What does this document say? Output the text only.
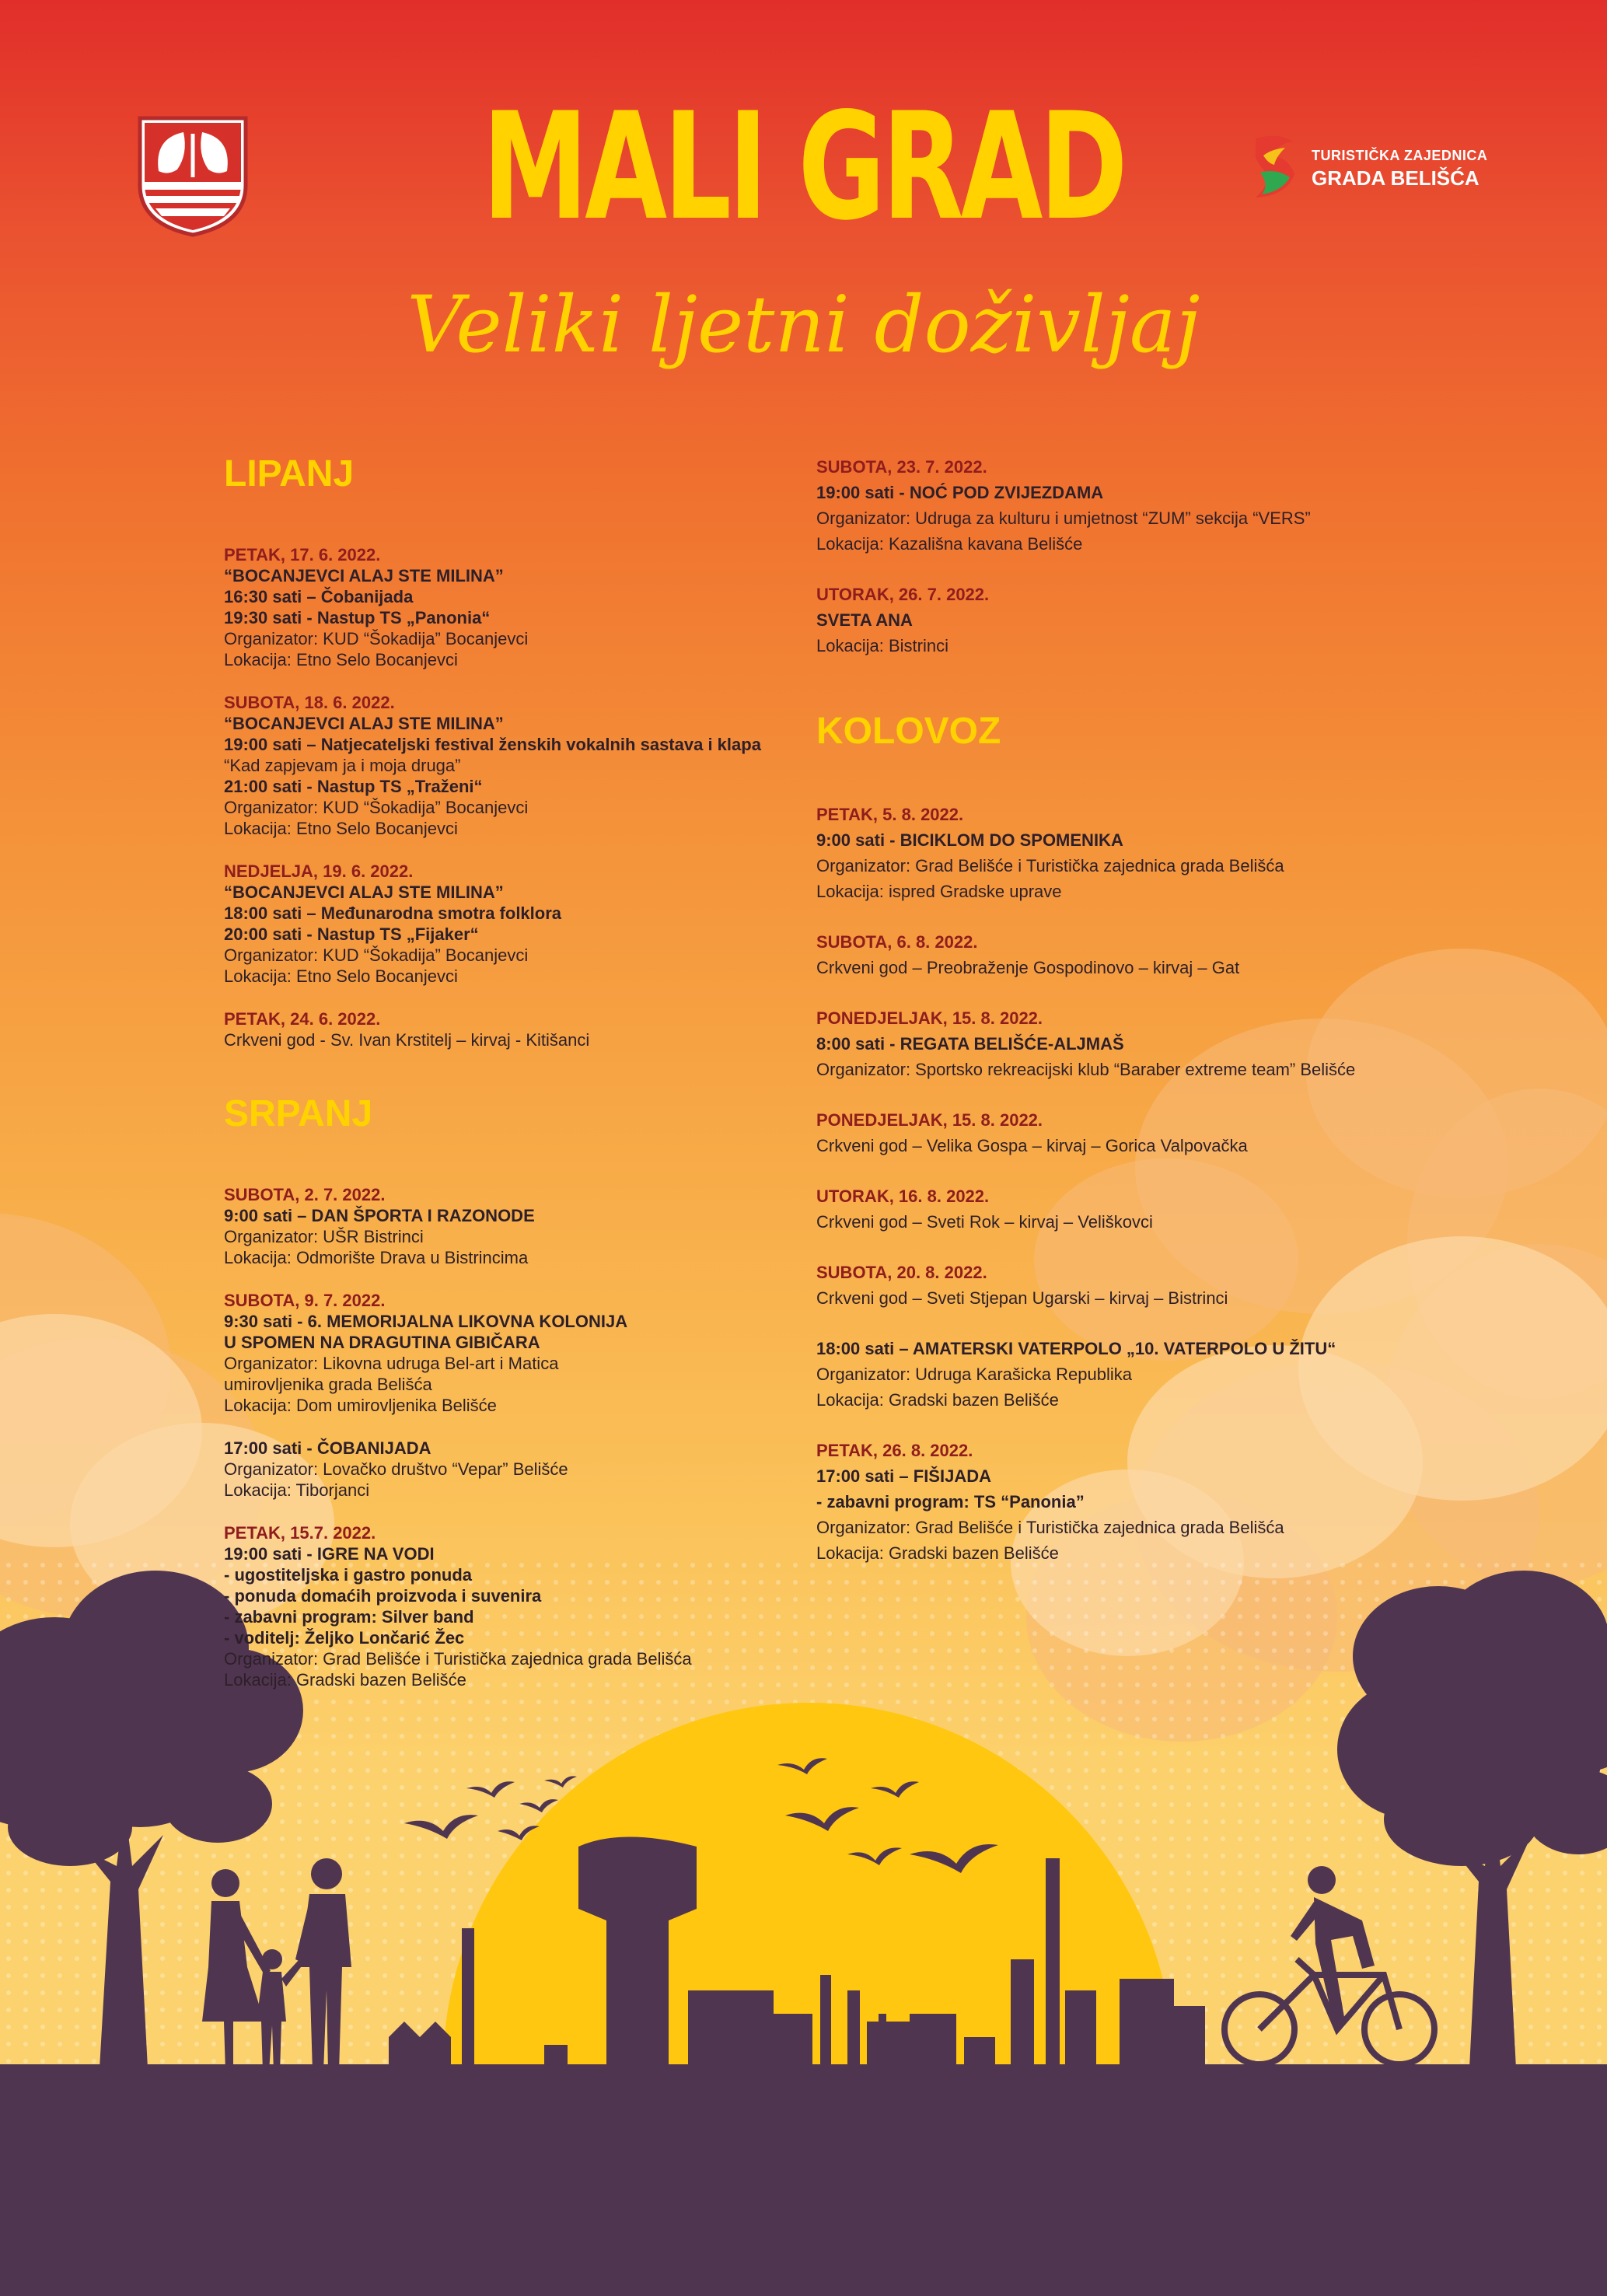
TURISTIČKA ZAJEDNICA
GRADA BELIŠĆA
MALI GRAD
Veliki ljetni doživljaj
LIPANJ
PETAK, 17. 6. 2022.
“BOCANJEVCI ALAJ STE MILINA”
16:30 sati – Čobanijada
19:30 sati - Nastup TS „Panonia“
Organizator: KUD “Šokadija” Bocanjevci
Lokacija: Etno Selo Bocanjevci
SUBOTA, 18. 6. 2022.
“BOCANJEVCI ALAJ STE MILINA”
19:00 sati – Natjecateljski festival ženskih vokalnih sastava i klapa
“Kad zapjevam ja i moja druga”
21:00 sati - Nastup TS „Traženi“
Organizator: KUD “Šokadija” Bocanjevci
Lokacija: Etno Selo Bocanjevci
NEDJELJA, 19. 6. 2022.
“BOCANJEVCI ALAJ STE MILINA”
18:00 sati – Međunarodna smotra folklora
20:00 sati - Nastup TS „Fijaker“
Organizator: KUD “Šokadija” Bocanjevci
Lokacija: Etno Selo Bocanjevci
PETAK, 24. 6. 2022.
Crkveni god - Sv. Ivan Krstitelj – kirvaj - Kitišanci
SRPANJ
SUBOTA, 2. 7. 2022.
9:00 sati – DAN ŠPORTA I RAZONODE
Organizator: UŠR Bistrinci
Lokacija: Odmorište Drava u Bistrincima
SUBOTA, 9. 7. 2022.
9:30 sati - 6. MEMORIJALNA LIKOVNA KOLONIJA
U SPOMEN NA DRAGUTINA GIBIČARA
Organizator: Likovna udruga Bel-art i Matica
umirovljenika grada Belišća
Lokacija: Dom umirovljenika Belišće
17:00 sati - ČOBANIJADA
Organizator: Lovačko društvo “Vepar” Belišće
Lokacija: Tiborjanci
PETAK, 15.7. 2022.
19:00 sati - IGRE NA VODI
- ugostiteljska i gastro ponuda
- ponuda domaćih proizvoda i suvenira
- zabavni program: Silver band
- voditelj: Željko Lončarić Žec
Organizator: Grad Belišće i Turistička zajednica grada Belišća
Lokacija: Gradski bazen Belišće
SUBOTA, 23. 7. 2022.
19:00 sati - NOĆ POD ZVIJEZDAMA
Organizator: Udruga za kulturu i umjetnost “ZUM” sekcija “VERS”
Lokacija: Kazališna kavana Belišće
UTORAK, 26. 7. 2022.
SVETA ANA
Lokacija: Bistrinci
KOLOVOZ
PETAK, 5. 8. 2022.
9:00 sati - BICIKLOM DO SPOMENIKA
Organizator: Grad Belišće i Turistička zajednica grada Belišća
Lokacija: ispred Gradske uprave
SUBOTA, 6. 8. 2022.
Crkveni god – Preobraženje Gospodinovo – kirvaj – Gat
PONEDJELJAK, 15. 8. 2022.
8:00 sati - REGATA BELIŠĆE-ALJMAŠ
Organizator: Sportsko rekreacijski klub “Baraber extreme team” Belišće
PONEDJELJAK, 15. 8. 2022.
Crkveni god – Velika Gospa – kirvaj – Gorica Valpovačka
UTORAK, 16. 8. 2022.
Crkveni god – Sveti Rok – kirvaj – Veliškovci
SUBOTA, 20. 8. 2022.
Crkveni god – Sveti Stjepan Ugarski – kirvaj – Bistrinci
18:00 sati – AMATERSKI VATERPOLO „10. VATERPOLO U ŽITU“
Organizator: Udruga Karašicka Republika
Lokacija: Gradski bazen Belišće
PETAK, 26. 8. 2022.
17:00 sati – FIŠIJADA
- zabavni program: TS “Panonia”
Organizator: Grad Belišće i Turistička zajednica grada Belišća
Lokacija: Gradski bazen Belišće
